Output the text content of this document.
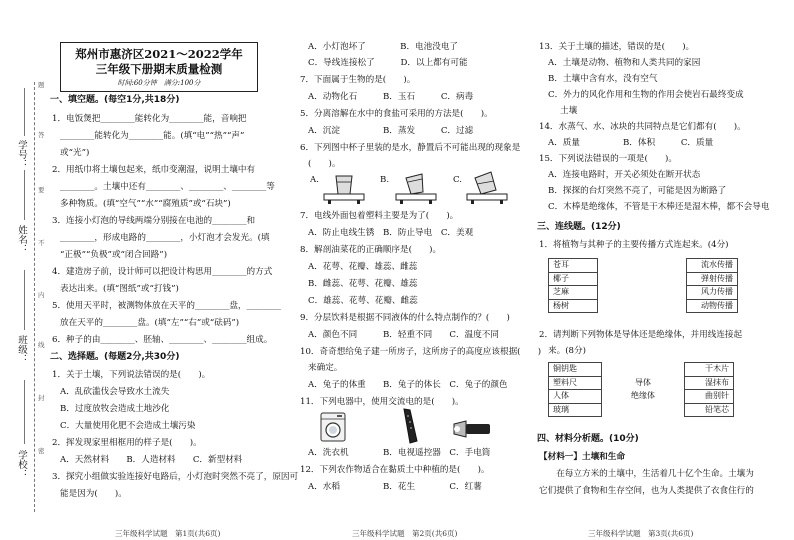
题
答
要
不
内
线
封
密
学号：
姓名：
班级：
学校：
郑州市惠济区2021～2022学年
三年级下册期末质量检测
时间:60分钟　满分:100分
一、填空题。(每空1分,共18分)
1．电饭煲把________能转化为________能，音响把
________能转化为________能。(填“电”“热”“声”
或“光”)
2．用纸巾将土壤包起来，纸巾变潮湿，说明土壤中有
________。土壤中还有________、________、________等
多种物质。(填“空气”“水”“腐殖质”或“石块”)
3．连接小灯泡的导线两端分别接在电池的________和
________，形成电路的________，小灯泡才会发光。(填
“正极”“负极”或“闭合回路”)
4．建造房子前，设计师可以把设计构思用________的方式
表达出来。(填“图纸”或“打钱”)
5．使用天平时，被测物体放在天平的________盘，________
放在天平的________盘。(填“左”“右”或“砝码”)
6．种子的由________、胚轴、________、________组成。
二、选择题。(每题2分,共30分)
1．关于土壤，下列说法错误的是(　　)。
A．乱砍滥伐会导致水土流失
B．过度放牧会造成土地沙化
C．大量使用化肥不会造成土壤污染
2．挥发现家里相框用的样子是(　　)。
A．天然材料　　B．人造材料　　C．新型材料
3．探究小组做实验连接好电路后，小灯泡时突然不亮了，原因可
能是因为(　　)。
三年级科学试题　第1页(共6页)
A．小灯泡坏了　　　　B．电池没电了
C．导线连接松了　　　D．以上都有可能
7．下面属于生物的是(　　)。
A．动物化石　　　B．玉石　　　C．病毒
5．分离溶解在水中的食盐可采用的方法是(　　)。
A．沉淀　　　　　B．蒸发　　　C．过滤
6．下列图中杯子里装的是水，静置后不可能出现的现象是
(　　)。
A.	B.	C.
7．电线外面包着塑料主要是为了(　　)。
A．防止电线生锈　B．防止导电　C．美观
8．解剖油菜花的正确顺序是(　　)。
A．花萼、花瓣、雄蕊、雌蕊
B．雌蕊、花萼、花瓣、雄蕊
C．雄蕊、花萼、花瓣、雌蕊
9．分层饮料是根据不同液体的什么特点制作的？(　　)
A．颜色不同　　　B．轻重不同　　C．温度不同
10．奇奇想给兔子建一所房子，这所房子的高度应该根据(　　)
来确定。
A．兔子的体重　　B．兔子的体长　C．兔子的颜色
11．下列电器中，使用交流电的是(　　)。
A．洗衣机　　　　B．电视遥控器　C．手电筒
12．下列农作物适合在黏质土中种植的是(　　)。
A．水稻　　　　　B．花生　　　　C．红薯
三年级科学试题　第2页(共6页)
13．关于土壤的描述，错误的是(　　)。
A．土壤是动物、植物和人类共同的家园
B．土壤中含有水，没有空气
C．外力的风化作用和生物的作用会使岩石最终变成
土壤
14．水蒸气、水、冰块的共同特点是它们都有(　　)。
A．质量　　　　　B．体积　　　C．质量
15．下列说法错误的一项是(　　)。
A．连接电路时，开关必须处在断开状态
B．探探的台灯突然不亮了，可能是因为断路了
C．木棒是绝缘体，不管是干木棒还是湿木棒，都不会导电
三、连线题。(12分)
1．将植物与其种子的主要传播方式连起来。(4分)
苍耳		流水传播
椰子		弹射传播
芝麻		风力传播
杨树		动物传播
2．请判断下列物体是导体还是绝缘体，并用线连接起
来。(8分)
铜钥匙		干木片
塑料尺	导体	湿抹布
人体	绝缘体	曲别针
玻璃		铅笔芯
四、材料分析题。(10分)
【材料一】土壤和生命
　　在每立方米的土壤中，生活着几十亿个生命。土壤为
它们提供了食物和生存空间，也为人类提供了衣食住行的
三年级科学试题　第3页(共6页)
